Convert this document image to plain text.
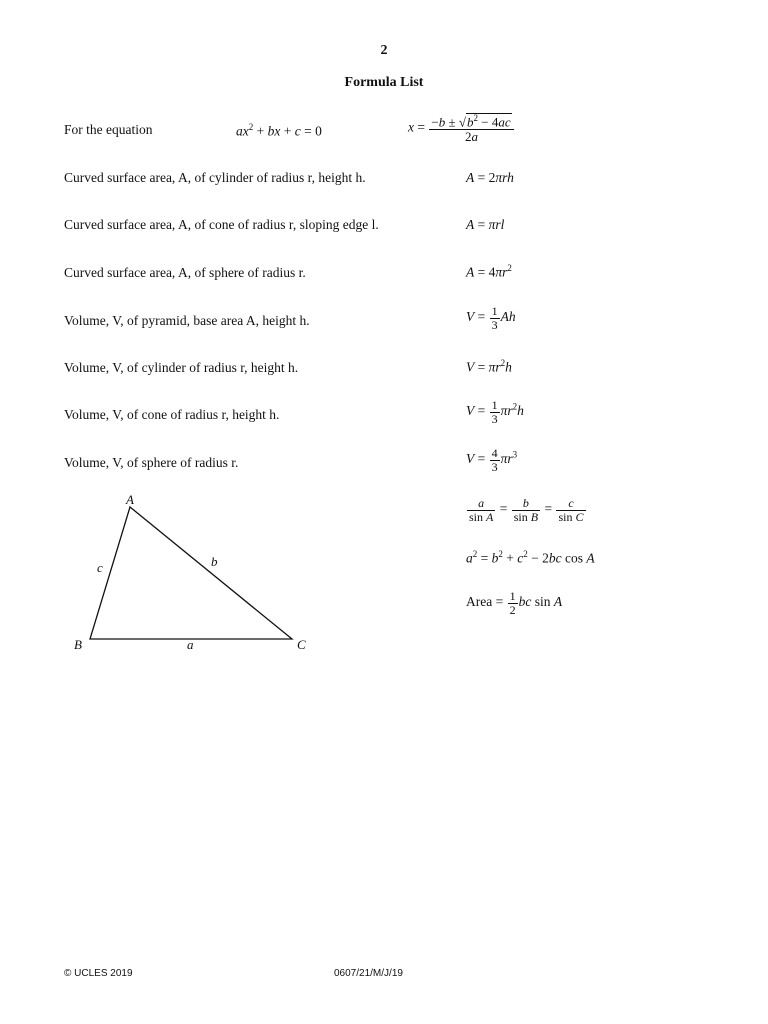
2
Formula List
For the equation	$ax^2$ + bx + c = 0	$x = \frac{-b \pm √b^2 - 4ac}{2a}$
Curved surface area, A, of cylinder of radius r, height h.	A = 2πrh
Curved surface area, A, of cone of radius r, sloping edge l.	A = πrl
Curved surface area, A, of sphere of radius r.	$A = 4\pi r^2$
Volume, V, of pyramid, base area A, height h.	$V = \frac{1}{3}$ Ah
Volume, V, of cylinder of radius r, height h.	$V = \pi r^2h$
Volume, V, of cone of radius r, height h.	$V = \frac{1}{3} \pi r^2h$
Volume, V, of sphere of radius r.	$V = \frac{4}{3} \pi r^3$
A
B	C
a
b
c
$\frac{a}{\text{sin A}} = \frac{b}{\text{sin B}} = \frac{c}{\text{sin C}}$
$a^2 = b^2 + c^2 - 2bc$ cos A
Area = $\frac{1}{2}$ bc sin A
© UCLES 2019	0607/21/M/J/19
